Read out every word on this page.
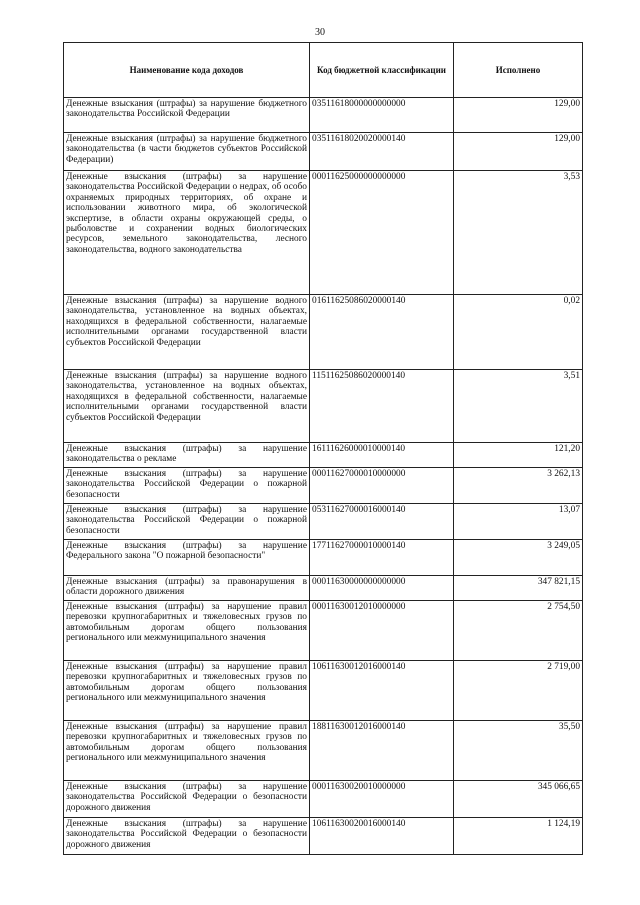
30
Наименование кода доходов	Код бюджетной классификации	Исполнено
Денежные взыскания (штрафы) за нарушение бюджетного законодательства Российской Федерации	03511618000000000000	129,00
Денежные взыскания (штрафы) за нарушение бюджетного законодательства (в части бюджетов субъектов Российской Федерации)	03511618020020000140	129,00
Денежные взыскания (штрафы) за нарушение законодательства Российской Федерации о недрах, об особо охраняемых природных территориях, об охране и использовании животного мира, об экологической экспертизе, в области охраны окружающей среды, о рыболовстве и сохранении водных биологических ресурсов, земельного законодательства, лесного законодательства, водного законодательства	00011625000000000000	3,53
Денежные взыскания (штрафы) за нарушение водного законодательства, установленное на водных объектах, находящихся в федеральной собственности, налагаемые исполнительными органами государственной власти субъектов Российской Федерации	01611625086020000140	0,02
Денежные взыскания (штрафы) за нарушение водного законодательства, установленное на водных объектах, находящихся в федеральной собственности, налагаемые исполнительными органами государственной власти субъектов Российской Федерации	11511625086020000140	3,51
Денежные взыскания (штрафы) за нарушение законодательства о рекламе	16111626000010000140	121,20
Денежные взыскания (штрафы) за нарушение законодательства Российской Федерации о пожарной безопасности	00011627000010000000	3 262,13
Денежные взыскания (штрафы) за нарушение законодательства Российской Федерации о пожарной безопасности	05311627000016000140	13,07
Денежные взыскания (штрафы) за нарушение Федерального закона "О пожарной безопасности"	17711627000010000140	3 249,05
Денежные взыскания (штрафы) за правонарушения в области дорожного движения	00011630000000000000	347 821,15
Денежные взыскания (штрафы) за нарушение правил перевозки крупногабаритных и тяжеловесных грузов по автомобильным дорогам общего пользования регионального или межмуниципального значения	00011630012010000000	2 754,50
Денежные взыскания (штрафы) за нарушение правил перевозки крупногабаритных и тяжеловесных грузов по автомобильным дорогам общего пользования регионального или межмуниципального значения	10611630012016000140	2 719,00
Денежные взыскания (штрафы) за нарушение правил перевозки крупногабаритных и тяжеловесных грузов по автомобильным дорогам общего пользования регионального или межмуниципального значения	18811630012016000140	35,50
Денежные взыскания (штрафы) за нарушение законодательства Российской Федерации о безопасности дорожного движения	00011630020010000000	345 066,65
Денежные взыскания (штрафы) за нарушение законодательства Российской Федерации о безопасности дорожного движения	10611630020016000140	1 124,19
